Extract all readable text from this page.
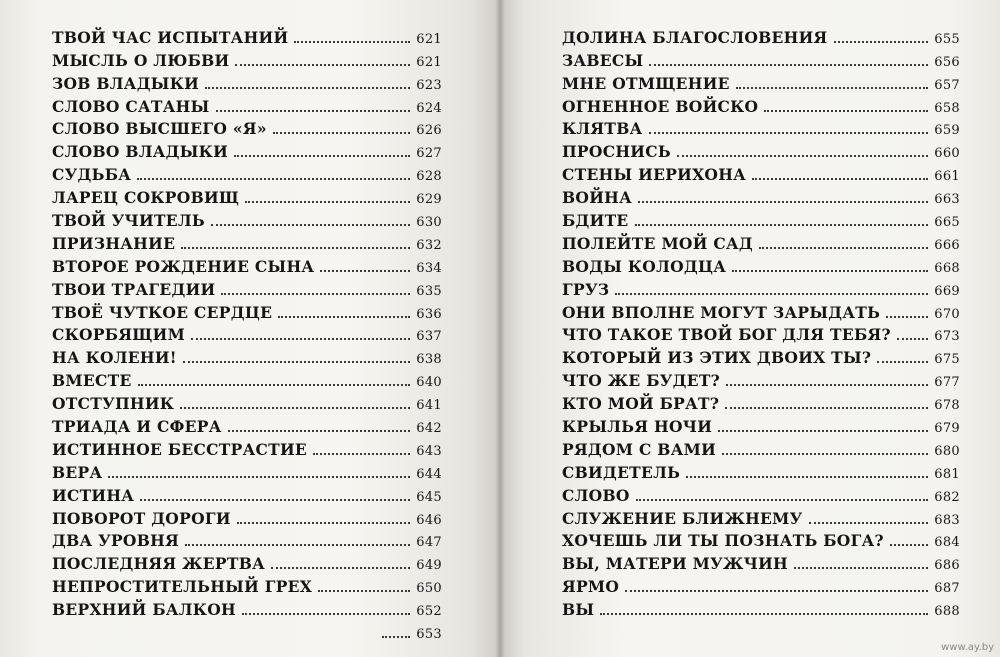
ТВОЙ ЧАС ИСПЫТАНИЙ	621
МЫСЛЬ О ЛЮБВИ	621
ЗОВ ВЛАДЫКИ	623
СЛОВО САТАНЫ	624
СЛОВО ВЫСШЕГО «Я»	626
СЛОВО ВЛАДЫКИ	627
СУДЬБА	628
ЛАРЕЦ СОКРОВИЩ	629
ТВОЙ УЧИТЕЛЬ	630
ПРИЗНАНИЕ	632
ВТОРОЕ РОЖДЕНИЕ СЫНА	634
ТВОИ ТРАГЕДИИ	635
ТВОЁ ЧУТКОЕ СЕРДЦЕ	636
СКОРБЯЩИМ	637
НА КОЛЕНИ!	638
ВМЕСТЕ	640
ОТСТУПНИК	641
ТРИАДА И СФЕРА	642
ИСТИННОЕ БЕССТРАСТИЕ	643
ВЕРА	644
ИСТИНА	645
ПОВОРОТ ДОРОГИ	646
ДВА УРОВНЯ	647
ПОСЛЕДНЯЯ ЖЕРТВА	649
НЕПРОСТИТЕЛЬНЫЙ ГРЕХ	650
ВЕРХНИЙ БАЛКОН	652
653
ДОЛИНА БЛАГОСЛОВЕНИЯ	655
ЗАВЕСЫ	656
МНЕ ОТМЩЕНИЕ	657
ОГНЕННОЕ ВОЙСКО	658
КЛЯТВА	659
ПРОСНИСЬ	660
СТЕНЫ ИЕРИХОНА	661
ВОЙНА	663
БДИТЕ	665
ПОЛЕЙТЕ МОЙ САД	666
ВОДЫ КОЛОДЦА	668
ГРУЗ	669
ОНИ ВПОЛНЕ МОГУТ ЗАРЫДАТЬ	670
ЧТО ТАКОЕ ТВОЙ БОГ ДЛЯ ТЕБЯ?	673
КОТОРЫЙ ИЗ ЭТИХ ДВОИХ ТЫ?	675
ЧТО ЖЕ БУДЕТ?	677
КТО МОЙ БРАТ?	678
КРЫЛЬЯ НОЧИ	679
РЯДОМ С ВАМИ	680
СВИДЕТЕЛЬ	681
СЛОВО	682
СЛУЖЕНИЕ БЛИЖНЕМУ	683
ХОЧЕШЬ ЛИ ТЫ ПОЗНАТЬ БОГА?	684
ВЫ, МАТЕРИ МУЖЧИН	686
ЯРМО	687
ВЫ	688
www.ay.by
